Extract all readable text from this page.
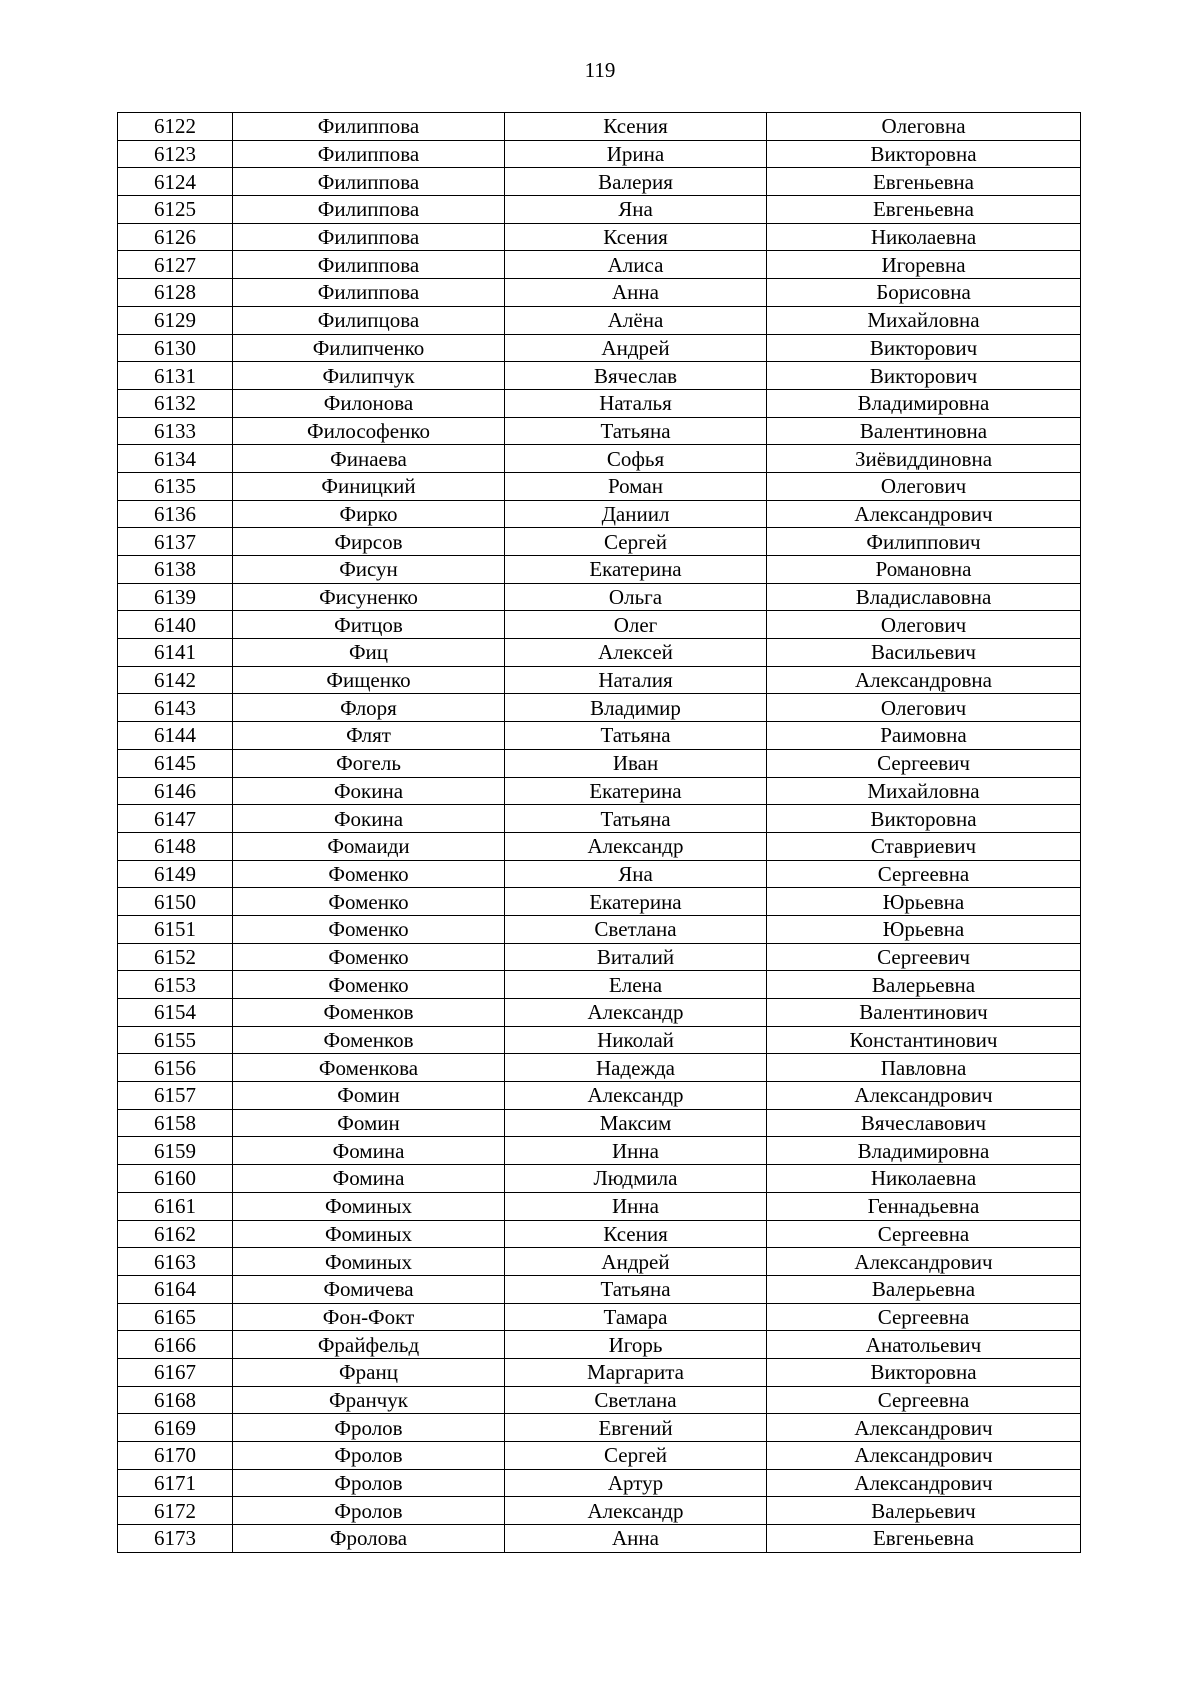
119
6122	Филиппова	Ксения	Олеговна
6123	Филиппова	Ирина	Викторовна
6124	Филиппова	Валерия	Евгеньевна
6125	Филиппова	Яна	Евгеньевна
6126	Филиппова	Ксения	Николаевна
6127	Филиппова	Алиса	Игоревна
6128	Филиппова	Анна	Борисовна
6129	Филипцова	Алёна	Михайловна
6130	Филипченко	Андрей	Викторович
6131	Филипчук	Вячеслав	Викторович
6132	Филонова	Наталья	Владимировна
6133	Философенко	Татьяна	Валентиновна
6134	Финаева	Софья	Зиёвиддиновна
6135	Финицкий	Роман	Олегович
6136	Фирко	Даниил	Александрович
6137	Фирсов	Сергей	Филиппович
6138	Фисун	Екатерина	Романовна
6139	Фисуненко	Ольга	Владиславовна
6140	Фитцов	Олег	Олегович
6141	Фиц	Алексей	Васильевич
6142	Фищенко	Наталия	Александровна
6143	Флоря	Владимир	Олегович
6144	Флят	Татьяна	Раимовна
6145	Фогель	Иван	Сергеевич
6146	Фокина	Екатерина	Михайловна
6147	Фокина	Татьяна	Викторовна
6148	Фомаиди	Александр	Ставриевич
6149	Фоменко	Яна	Сергеевна
6150	Фоменко	Екатерина	Юрьевна
6151	Фоменко	Светлана	Юрьевна
6152	Фоменко	Виталий	Сергеевич
6153	Фоменко	Елена	Валерьевна
6154	Фоменков	Александр	Валентинович
6155	Фоменков	Николай	Константинович
6156	Фоменкова	Надежда	Павловна
6157	Фомин	Александр	Александрович
6158	Фомин	Максим	Вячеславович
6159	Фомина	Инна	Владимировна
6160	Фомина	Людмила	Николаевна
6161	Фоминых	Инна	Геннадьевна
6162	Фоминых	Ксения	Сергеевна
6163	Фоминых	Андрей	Александрович
6164	Фомичева	Татьяна	Валерьевна
6165	Фон-Фокт	Тамара	Сергеевна
6166	Фрайфельд	Игорь	Анатольевич
6167	Франц	Маргарита	Викторовна
6168	Франчук	Светлана	Сергеевна
6169	Фролов	Евгений	Александрович
6170	Фролов	Сергей	Александрович
6171	Фролов	Артур	Александрович
6172	Фролов	Александр	Валерьевич
6173	Фролова	Анна	Евгеньевна
